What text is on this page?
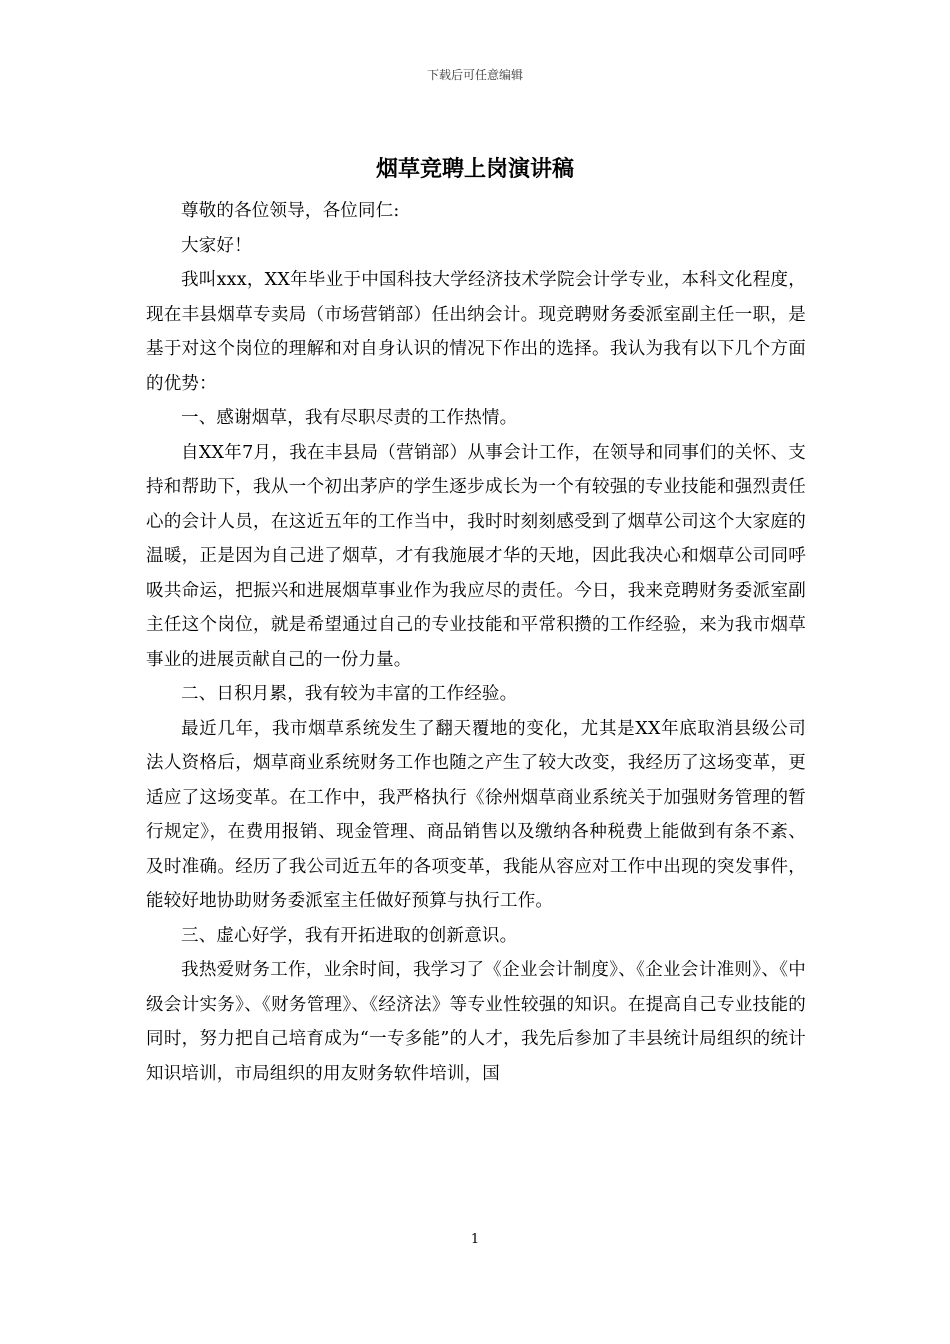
下载后可任意编辑
烟草竞聘上岗演讲稿

尊敬的各位领导，各位同仁:

大家好！

我叫xxx，XX年毕业于中国科技大学经济技术学院会计学专业，本科文化程度，现在丰县烟草专卖局（市场营销部）任出纳会计。现竞聘财务委派室副主任一职，是基于对这个岗位的理解和对自身认识的情况下作出的选择。我认为我有以下几个方面的优势：

一、感谢烟草，我有尽职尽责的工作热情。

自XX年7月，我在丰县局（营销部）从事会计工作，在领导和同事们的关怀、支持和帮助下，我从一个初出茅庐的学生逐步成长为一个有较强的专业技能和强烈责任心的会计人员，在这近五年的工作当中，我时时刻刻感受到了烟草公司这个大家庭的温暖，正是因为自己进了烟草，才有我施展才华的天地，因此我决心和烟草公司同呼吸共命运，把振兴和进展烟草事业作为我应尽的责任。今日，我来竞聘财务委派室副主任这个岗位，就是希望通过自己的专业技能和平常积攒的工作经验，来为我市烟草事业的进展贡献自己的一份力量。

二、日积月累，我有较为丰富的工作经验。

最近几年，我市烟草系统发生了翻天覆地的变化，尤其是XX年底取消县级公司法人资格后，烟草商业系统财务工作也随之产生了较大改变，我经历了这场变革，更适应了这场变革。在工作中，我严格执行《徐州烟草商业系统关于加强财务管理的暂行规定》，在费用报销、现金管理、商品销售以及缴纳各种税费上能做到有条不紊、及时准确。经历了我公司近五年的各项变革，我能从容应对工作中出现的突发事件，能较好地协助财务委派室主任做好预算与执行工作。

三、虚心好学，我有开拓进取的创新意识。

我热爱财务工作，业余时间，我学习了《企业会计制度》、《企业会计准则》、《中级会计实务》、《财务管理》、《经济法》等专业性较强的知识。在提高自己专业技能的同时，努力把自己培育成为“一专多能”的人才，我先后参加了丰县统计局组织的统计知识培训，市局组织的用友财务软件培训，国

1
